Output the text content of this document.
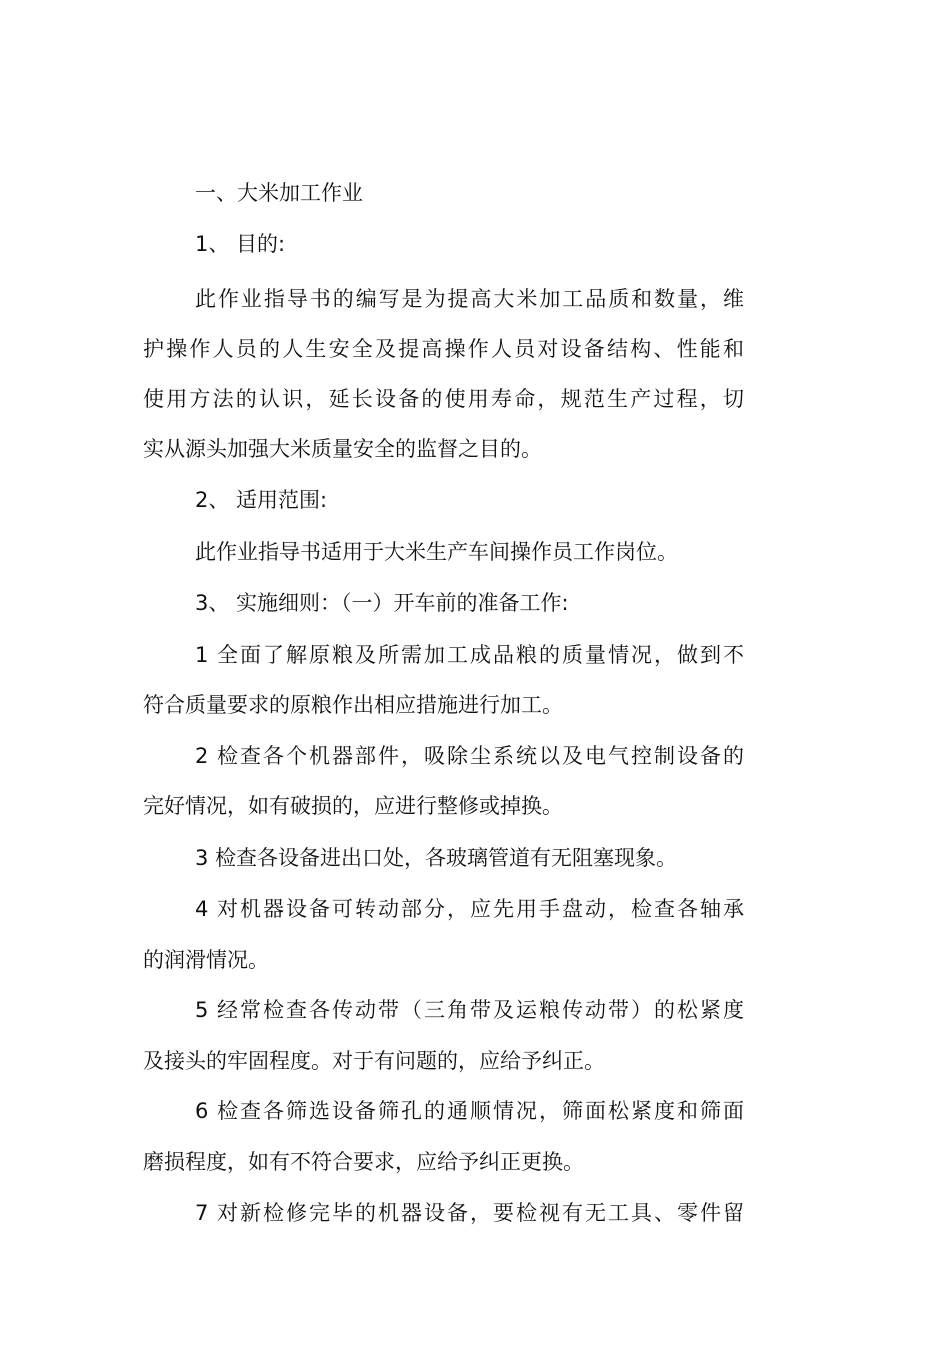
一、大米加工作业
1、 目的:
此作业指导书的编写是为提高大米加工品质和数量，维
护操作人员的人生安全及提高操作人员对设备结构、性能和
使用方法的认识，延长设备的使用寿命，规范生产过程，切
实从源头加强大米质量安全的监督之目的。
2、 适用范围:
此作业指导书适用于大米生产车间操作员工作岗位。
3、 实施细则：（一）开车前的准备工作:
1 全面了解原粮及所需加工成品粮的质量情况，做到不
符合质量要求的原粮作出相应措施进行加工。
2 检查各个机器部件，吸除尘系统以及电气控制设备的
完好情况，如有破损的，应进行整修或掉换。
3 检查各设备进出口处，各玻璃管道有无阻塞现象。
4 对机器设备可转动部分，应先用手盘动，检查各轴承
的润滑情况。
5 经常检查各传动带（三角带及运粮传动带）的松紧度
及接头的牢固程度。对于有问题的，应给予纠正。
6 检查各筛选设备筛孔的通顺情况，筛面松紧度和筛面
磨损程度，如有不符合要求，应给予纠正更换。
7 对新检修完毕的机器设备，要检视有无工具、零件留
